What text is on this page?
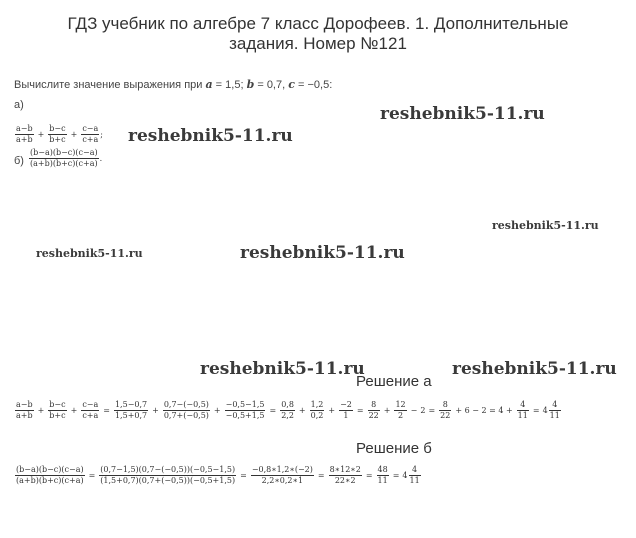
ГДЗ учебник по алгебре 7 класс Дорофеев. 1. Дополнительные
задания. Номер №121
Вычислите значение выражения при a = 1,5; b = 0,7, c = −0,5:
а)
$\frac{a-b}{a+b} + \frac{b-c}{b+c} + \frac{c-a}{c+a}$ ;
$б) \frac{(b-a)(b-c)(c-a)}{(a+b)(b+c)(c+a)}$ .
reshebnik5-11.ru
reshebnik5-11.ru
reshebnik5-11.ru
reshebnik5-11.ru	reshebnik5-11.ru
reshebnik5-11.ru	reshebnik5-11.ru
Решение а
$\frac{a-b}{a+b} + \frac{b-c}{b+c} + \frac{c-a}{c+a} = \frac{1,5-0,7}{1,5+0,7} + \frac{0,7-(-0,5)}{0,7+(-0,5)} + \frac{-0,5-1,5}{-0,5+1,5} = \frac{0,8}{2,2} + \frac{1,2}{0,2} + \frac{-2}{1} = \frac{8}{22} + \frac{12}{2} - 2 = \frac{8}{22} + 6 - 2 = 4 + \frac{4}{11} = 4 \frac{4}{11}$
Решение б
$\frac{(b-a)(b-c)(c-a)}{(a+b)(b+c)(c+a)} = \frac{(0,7-1,5)(0,7-(-0,5))(-0,5-1,5)}{(1,5+0,7)(0,7+(-0,5))(-0,5+1,5)} = \frac{-0,8∗1,2∗(-2)}{2,2∗0,2∗1} = \frac{8∗12∗2}{22∗2} = \frac{48}{11} = 4 \frac{4}{11}$
